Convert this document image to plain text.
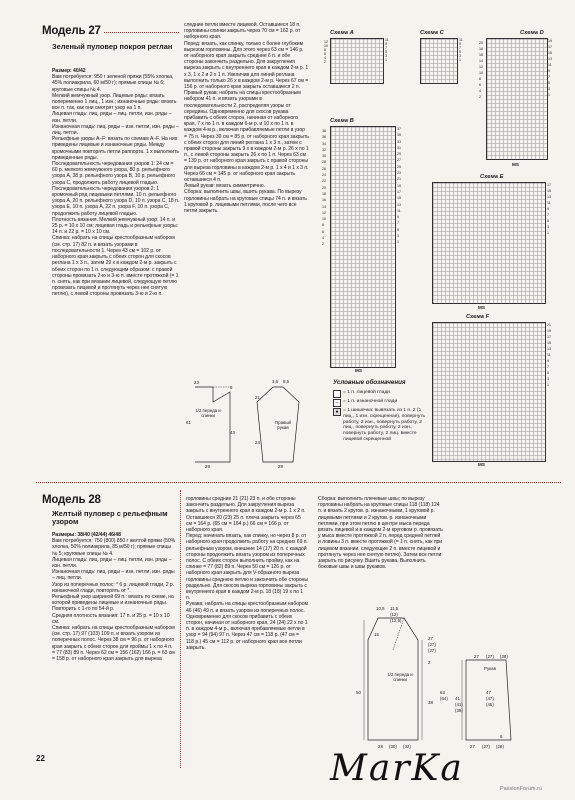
Модель 27
Зеленый пуловер покроя реглан
Размер: 40/42
Вам потребуется: 950 г зеленой пряжи (55% хлопка, 45% полиакрила, 60 м/50 г); прямые спицы № 6; круговые спицы № 4.
Мелкий жемчужный узор. Лицевые ряды: вязать попеременно 1 лиц., 1 изн.; изнаночные ряды: вязать все п. так, как они смотрят узор на 1 п.
Лицевая гладь: лиц. ряды – лиц. петли, изн. ряды – изн. петли.
Изнаночная гладь: лиц. ряды – изн. петли, изн. ряды – лиц. петли.
Рельефные узоры A–F: вязать по схемам A–F. На них приведены лицевые и изнаночные ряды. Между кромочными повторять петли раппорта. 1 x выполнить приведенные ряды.
Последовательность чередования узоров 1: 24 см = 60 р. мелкого жемчужного узора, 80 р. рельефного узора A, 38 р. рельефного узора B, 10 р. рельефного узора C, продолжить работу лицевой гладью.
Последовательность чередования узоров 2: 1 кромочный ряд лицевыми петлями, 10 п. рельефного узора A, 20 п. рельефного узора D, 10 п. узора C, 18 п. узора E, 10 п. узора A, 22 п. узора F, 10 п. узора C, продолжить работу лицевой гладью.
Плотность вязания. Мелкий жемчужный узор: 14 п. и 25 р. = 10 х 10 см; лицевая гладь и рельефные узоры: 14 п. и 22 р. = 10 х 10 см.
Спинка: набрать на спицы крестообразным набором (см. стр. 17) 82 п. и вязать узорами в последовательности 1. Через 43 см = 102 р. от наборного края закрыть с обеих сторон для скосов реглана 1 х 3 п., затем 29 х в каждом 2-м р. закрыть с обеих сторон по 1 п. следующим образом: с правой стороны провязать 2-ю и 3-ю п. вместе протяжкой (= 1 п. снять, как при вязании лицевой, следующую петлю провязать лицевой и протянуть через нее снятую петлю), с левой стороны провязать 3-ю и 2-ю п.
следние петли вместе лицевой. Оставшиеся 18 п. горловины спинки закрыть через 70 см = 162 р. от наборного края.
Перед: вязать, как спинку, только с более глубоким вырезом горловины. Для этого через 63 см = 146 р. от наборного края закрыть средние 6 п. и обе стороны закончить раздельно. Для закругления выреза закрыть с внутреннего края в каждом 2-м р. 1 х 3, 1 х 2 и 2 х 1 п. Увеличив для линий реглана выполнить только 26 х в каждом 2-м р. Через 67 см = 156 р. от наборного края закрыть оставшиеся 2 п.
Правый рукав: набрать на спицы крестообразным набором 41 п. и вязать узорами в последовательности 2, распределяя узоры от середины. Одновременно для скосов рукава прибавить с обеих сторон, начиная от наборного края, 7 х по 1 п. в каждом 6-м р. и 10 х по 1 п. в каждом 4-м р., включая прибавляемые петли в узор = 75 п. Через 39 см = 85 р. от наборного края закрыть с обеих сторон для линий реглана 1 х 3 п., затем с правой стороны закрыть 9 х в каждом 2-м р. 26 х по 1 п., с левой стороны закрыть 26 х по 1 п. Через 63 см = 139 р. от наборного края закрыть с правой стороны для выреза горловины в каждом 2-м р. 1 х 4 и 1 х 3 п. Через 66 см = 145 р. от наборного края закрыть оставшиеся 4 п.
Левый рукав: вязать симметрично.
Сборка: выполнить швы, вшить рукава. По вырезу горловины набрать на круговые спицы 74 п. и вязать 1 круговой р. лицевыми петлями, после чего все петли закрыть.
1/2 переда и спинки
Правый рукав
23
61
8
43
29
3,5 8,5
21
24
29
Схема A
11
9
7
5
3
1
12
10
8
6
4
2
Схема C
11
9
7
5
3
1
Схема D
19
17
15
13
11
9
7
5
3
1
20
18
16
14
12
10
8
6
4
2
MS
Схема B
37
35
33
31
29
27
25
23
21
19
17
15
13
11
9
7
5
3
1
38
36
34
32
30
28
26
24
22
20
18
16
14
12
10
8
6
4
2
MS
Схема E
17
15
13
11
9
7
5
3
1
MS
Схема F
21
19
17
15
13
11
9
7
5
3
1
MS
Условные обозначения
= 1 п. лицевой глади
– = 1 п. изнаночной глади
● = 1 шишечка: вывязать из 1 п. 2 (1 лиц., 1 изн. скрещенная), повернуть работу, 2 изн., повернуть работу, 2 лиц., повернуть работу, 2 изн., повернуть работу, 2 лиц. вместе лицевой скрещенной
Модель 28
Желтый пуловер с рельефным узором
Размеры: 38/40 (42/44) 46/48
Вам потребуется: 750 (800) 850 г желтой пряжи (50% хлопка, 50% полиакрила, 85 м/50 г); прямые спицы № 5; круговые спицы № 4.
Лицевая гладь: лиц. ряды – лиц. петли, изн. ряды – изн. петли.
Изнаночная гладь: лиц. ряды – изн. петли, изн. ряды – лиц. петли.
Узор из поперечных полос: * 6 р. лицевой глади, 2 р. изнаночной глади, повторять от *.
Рельефный узор шириной 69 п.: вязать по схеме, на которой приведены лицевые и изнаночные ряды. Повторить с 1-го по 54-й р.
Средняя плотность вязания: 17 п. и 25 р. = 10 х 10 см.
Спинка: набрать на спицы крестообразным набором (см. стр. 17) 97 (103) 109 п. и вязать узором из поперечных полос. Через 38 см = 96 р. от наборного края закрыть с обеих сторон для проймы 1 х по 4 п. = 77 (83) 89 п. Через 62 см = 156 (162) 166 р. = 63 см = 158 р. от наборного края закрыть для выреза
горловины средние 21 (21) 23 п. и обе стороны закончить раздельно. Для закругления выреза закрыть с внутреннего края в каждом 2-м р. 1 х 2 п. Оставшиеся 20 (23) 25 п. плеча закрыть через 65 см = 164 р. (65 см = 164 р.) 66 см = 166 р. от наборного края.
Перед: начинать вязать, как спинку, но через 8 р. от наборного края продолжить работу на средних 69 п. рельефным узором, внешние 14 (17) 20 п. с каждой стороны продолжить вязать узором из поперечных полос. С обеих сторон выполнить пройму, как на спинке = 77 (82) 89 п. Через 50 см = 126 р. от наборного края закрыть для V-образного выреза горловины среднюю петлю и закончить обе стороны раздельно. Для скосов выреза горловины закрыть с внутреннего края в каждом 2-м р. 18 (18) 19 х по 1 п.
Рукава: набрать на спицы крестообразным набором 46 (46) 49 п. и вязать узором из поперечных полос. Одновременно для скосов прибавить с обеих сторон, начиная от наборного края, 24 (24) 22 х по 1 п. в каждом 4-м р., включая прибавляемые петли в узор = 94 (94) 97 п. Через 47 см = 118 р. (47 см = 118 р.) 45 см = 112 р. от наборного края все петли закрыть.
Сборка: выполнить плечевые швы; по вырезу горловины набрать на круговые спицы 118 (118) 124 п. и вязать 2 кругов. р. изнаночными, 1 круговой р. лицевыми петлями и 2 кругов. р. изнаночными петлями, при этом петлю в центре мыса переда вязать лицевой и в каждом 2-м круговом р. провязать у мыса вместе протяжкой 2 п. перед средней петлей и ловины 3 п. вместе протяжкой (= 1 п. снять, как при лицевом вязании, следующие 2 п. вместе лицевой и протянуть через нее снятую петлю). Затем все петли закрыть по рисунку. Вшить рукава. Выполнить боковые швы и швы рукавов.
1/2 переда и спинки
Рукав
10,5 11,5
(12)
(12,5)
15
27
(27)
(27)
50
2
38
28 (30) (32)
63
(64)
27 (27) (28)
47
(47)
(45)
41
(41)
(39)
6
27 (27) (28)
22	MarKa	PassionForum.ru
